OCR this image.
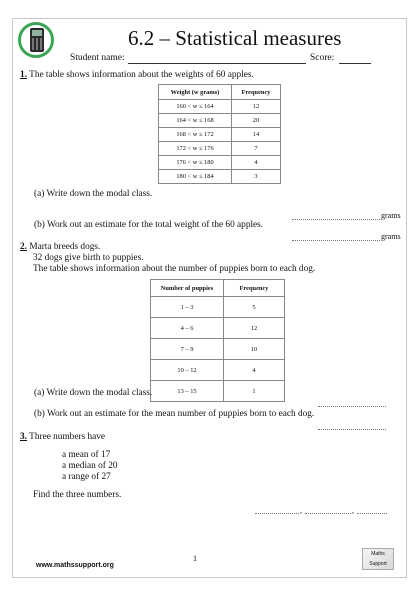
6.2 – Statistical measures
Student name:	Score:
1. The table shows information about the weights of 60 apples.
Weight (w grams)	Frequency
160 < w ≤ 164	12
164 < w ≤ 168	20
168 < w ≤ 172	14
172 < w ≤ 176	7
176 < w ≤ 180	4
180 < w ≤ 184	3
(a) Write down the modal class.
grams
(b) Work out an estimate for the total weight of the 60 apples.
grams
2. Marta breeds dogs.
32 dogs give birth to puppies.
The table shows information about the number of puppies born to each dog.
Number of puppies	Frequency
1 – 3	5
4 – 6	12
7 – 9	10
10 – 12	4
13 – 15	1
(a) Write down the modal class.
(b) Work out an estimate for the mean number of puppies born to each dog.
3. Three numbers have
a mean of 17
a median of 20
a range of 27
Find the three numbers.
,	,
1
www.mathssupport.org
Maths Support
